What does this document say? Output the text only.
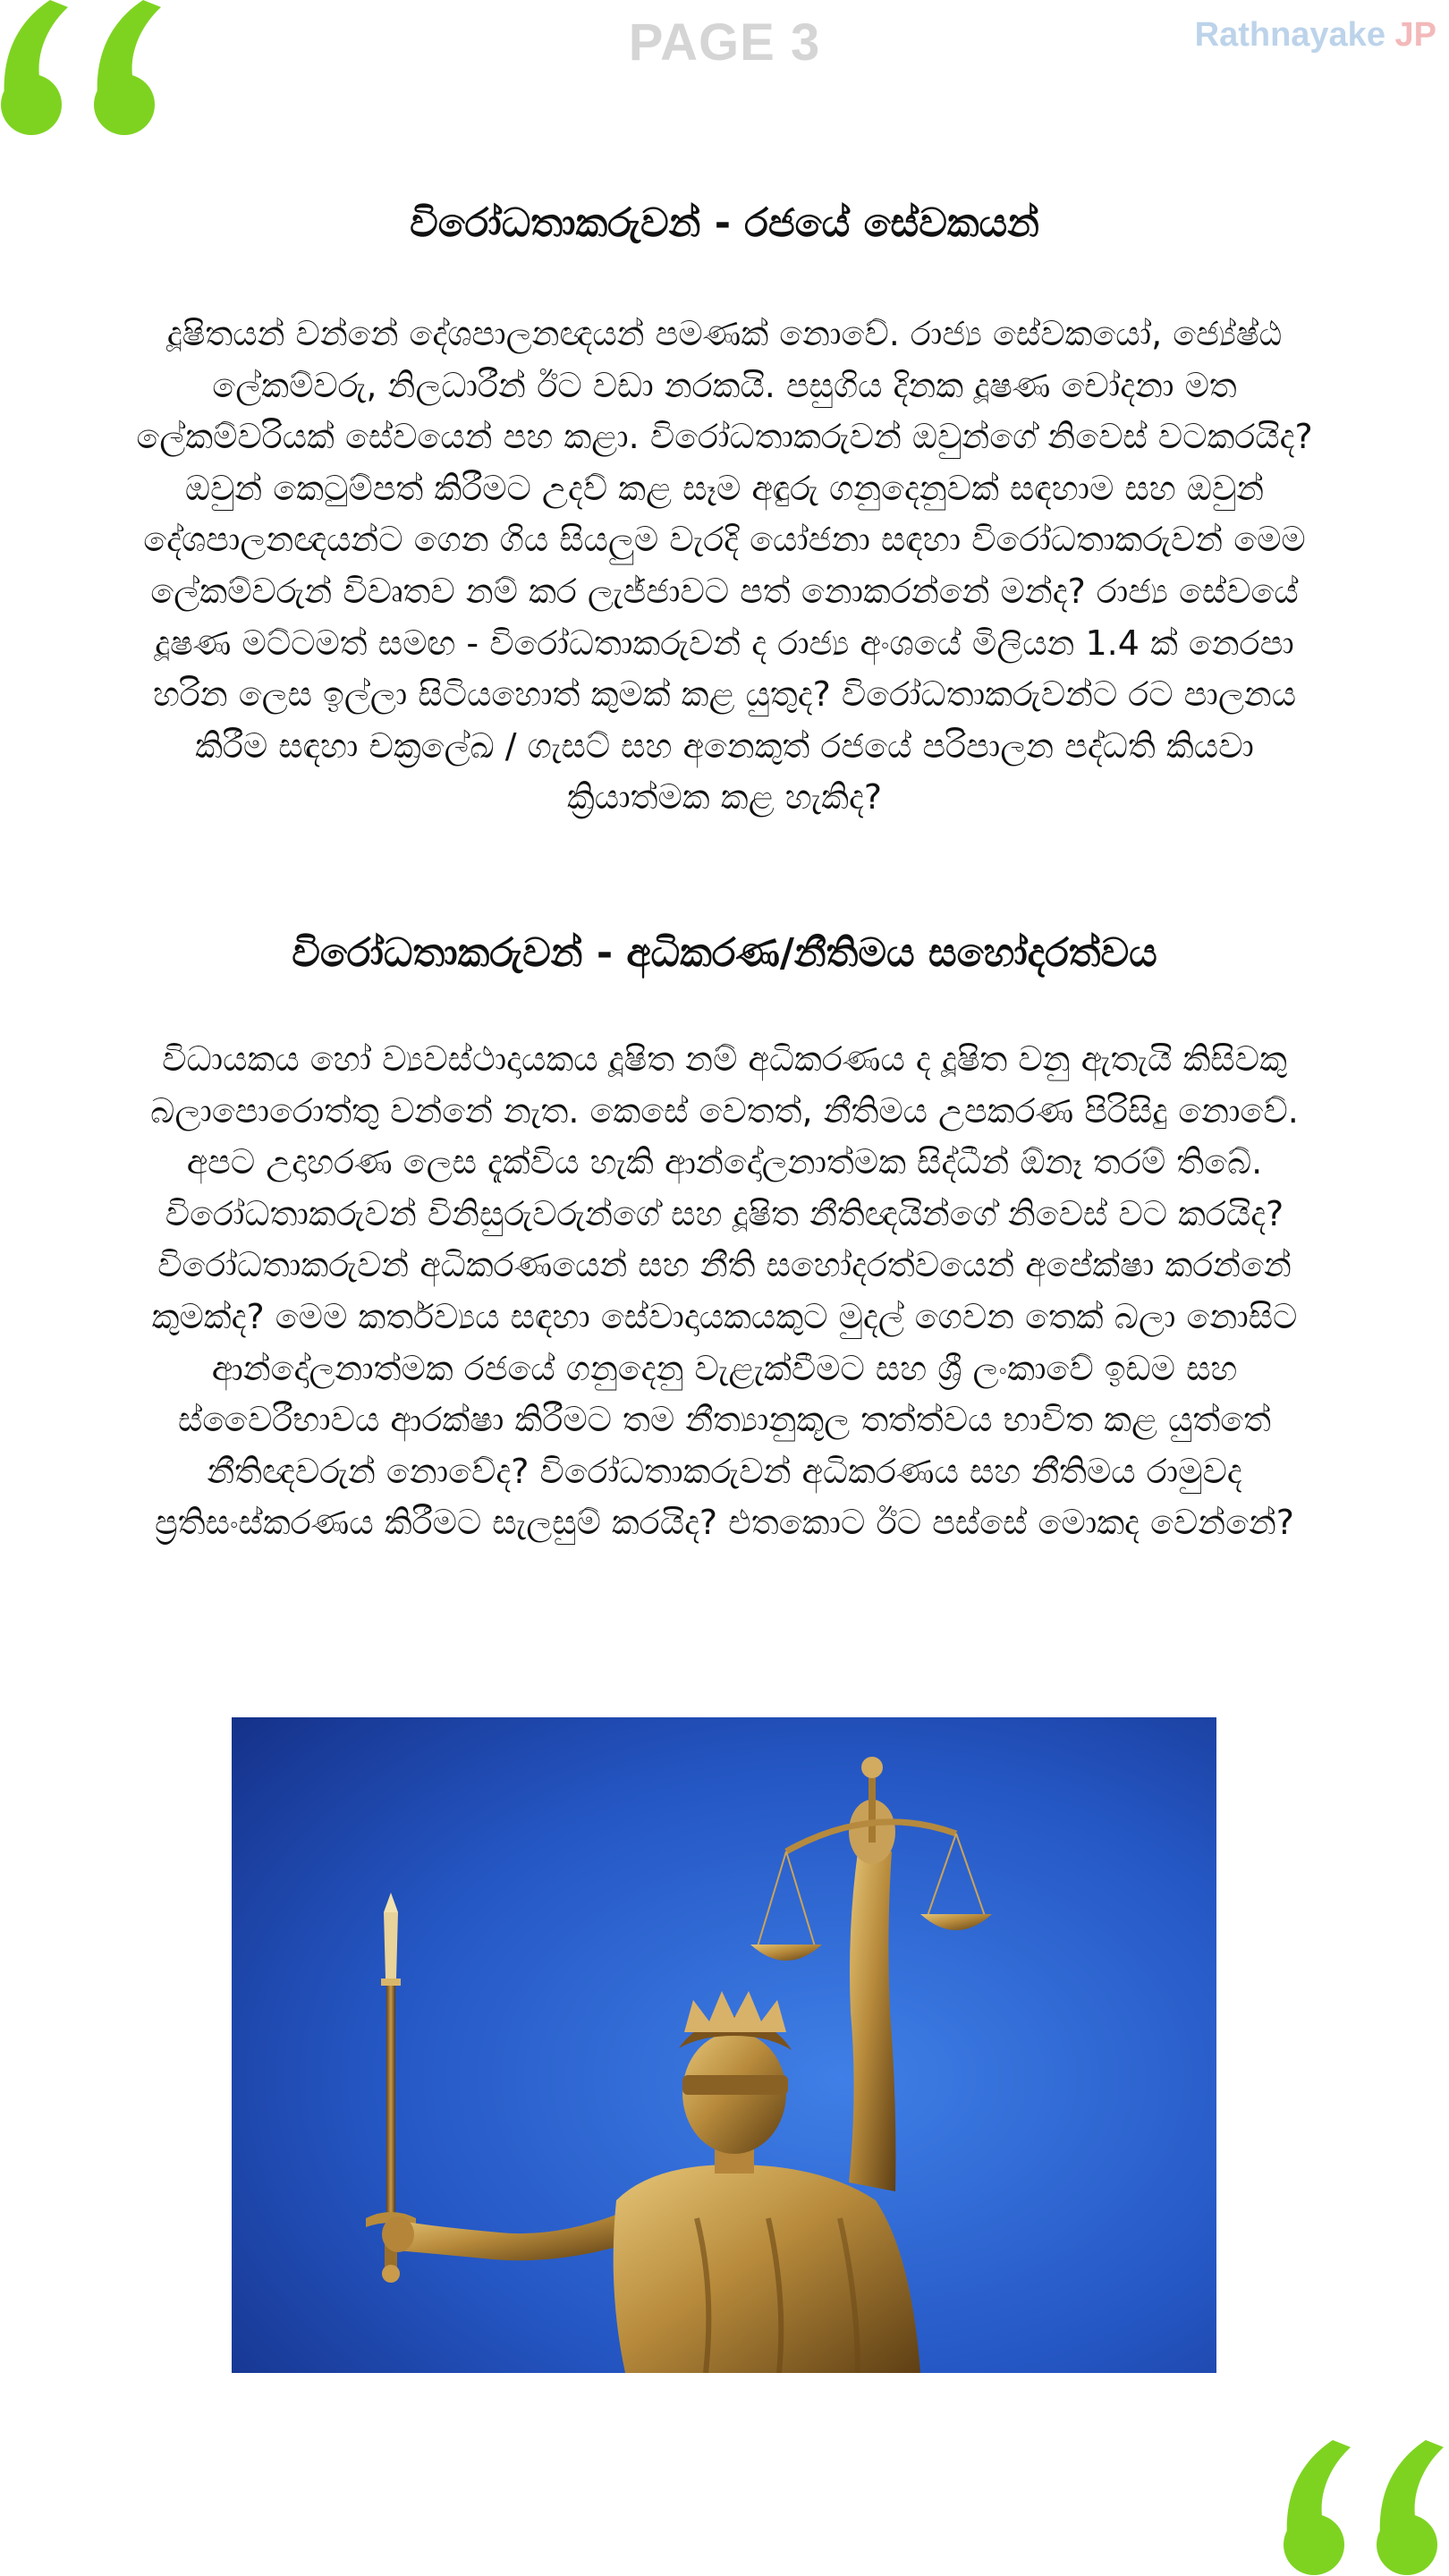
PAGE 3	Rathnayake JP
විරෝධතාකරුවන් - රජයේ සේවකයන්
දූෂිතයන් වන්නේ දේශපාලනඥයන් පමණක් නොවේ. රාජ්‍ය සේවකයෝ, ජ්‍යේෂ්ඨ
ලේකම්වරු, නිලධාරීන් ඊට වඩා නරකයි. පසුගිය දිනක දූෂණ චෝදනා මත
ලේකම්වරියක් සේවයෙන් පහ කළා. විරෝධතාකරුවන් ඔවුන්ගේ නිවෙස් වටකරයිද?
ඔවුන් කෙටුම්පත් කිරීමට උදව් කළ සෑම අඳුරු ගනුදෙනුවක් සඳහාම සහ ඔවුන්
දේශපාලනඥයන්ට ගෙන ගිය සියලුම වැරදි යෝජනා සඳහා විරෝධතාකරුවන් මෙම
ලේකම්වරුන් විවෘතව නම් කර ලැජ්ජාවට පත් නොකරන්නේ මන්ද? රාජ්‍ය සේවයේ
දූෂණ මට්ටමත් සමඟ - විරෝධතාකරුවන් ද රාජ්‍ය අංශයේ මිලියන 1.4 ක් නෙරපා
හරින ලෙස ඉල්ලා සිටියහොත් කුමක් කළ යුතුද? විරෝධතාකරුවන්ට රට පාලනය
කිරීම සඳහා චක්‍රලේඛ / ගැසට් සහ අනෙකුත් රජයේ පරිපාලන පද්ධති කියවා
ක්‍රියාත්මක කළ හැකිද?
විරෝධතාකරුවන් - අධිකරණ/නීතිමය සහෝදරත්වය
විධායකය හෝ ව්‍යවස්ථාදායකය දූෂිත නම් අධිකරණය ද දූෂිත වනු ඇතැයි කිසිවකු
බලාපොරොත්තු වන්නේ නැත. කෙසේ වෙතත්, නීතිමය උපකරණ පිරිසිදු නොවේ.
අපට උදාහරණ ලෙස දැක්විය හැකි ආන්දෝලනාත්මක සිද්ධීන් ඕනෑ තරම් තිබේ.
විරෝධතාකරුවන් විනිසුරුවරුන්ගේ සහ දූෂිත නීතිඥයින්ගේ නිවෙස් වට කරයිද?
විරෝධතාකරුවන් අධිකරණයෙන් සහ නීති සහෝදරත්වයෙන් අපේක්ෂා කරන්නේ
කුමක්ද? මෙම කර්තව්‍යය සඳහා සේවාදායකයකුට මුදල් ගෙවන තෙක් බලා නොසිට
ආන්දෝලනාත්මක රජයේ ගනුදෙනු වැළැක්වීමට සහ ශ්‍රී ලංකාවේ ඉඩම සහ
ස්වෛරීභාවය ආරක්ෂා කිරීමට තම නීත්‍යානුකූල තත්ත්වය භාවිත කළ යුත්තේ
නීතිඥවරුන් නොවේද? විරෝධතාකරුවන් අධිකරණය සහ නීතිමය රාමුවද
ප්‍රතිසංස්කරණය කිරීමට සැලසුම් කරයිද? එතකොට ඊට පස්සේ මොකද වෙන්නේ?
